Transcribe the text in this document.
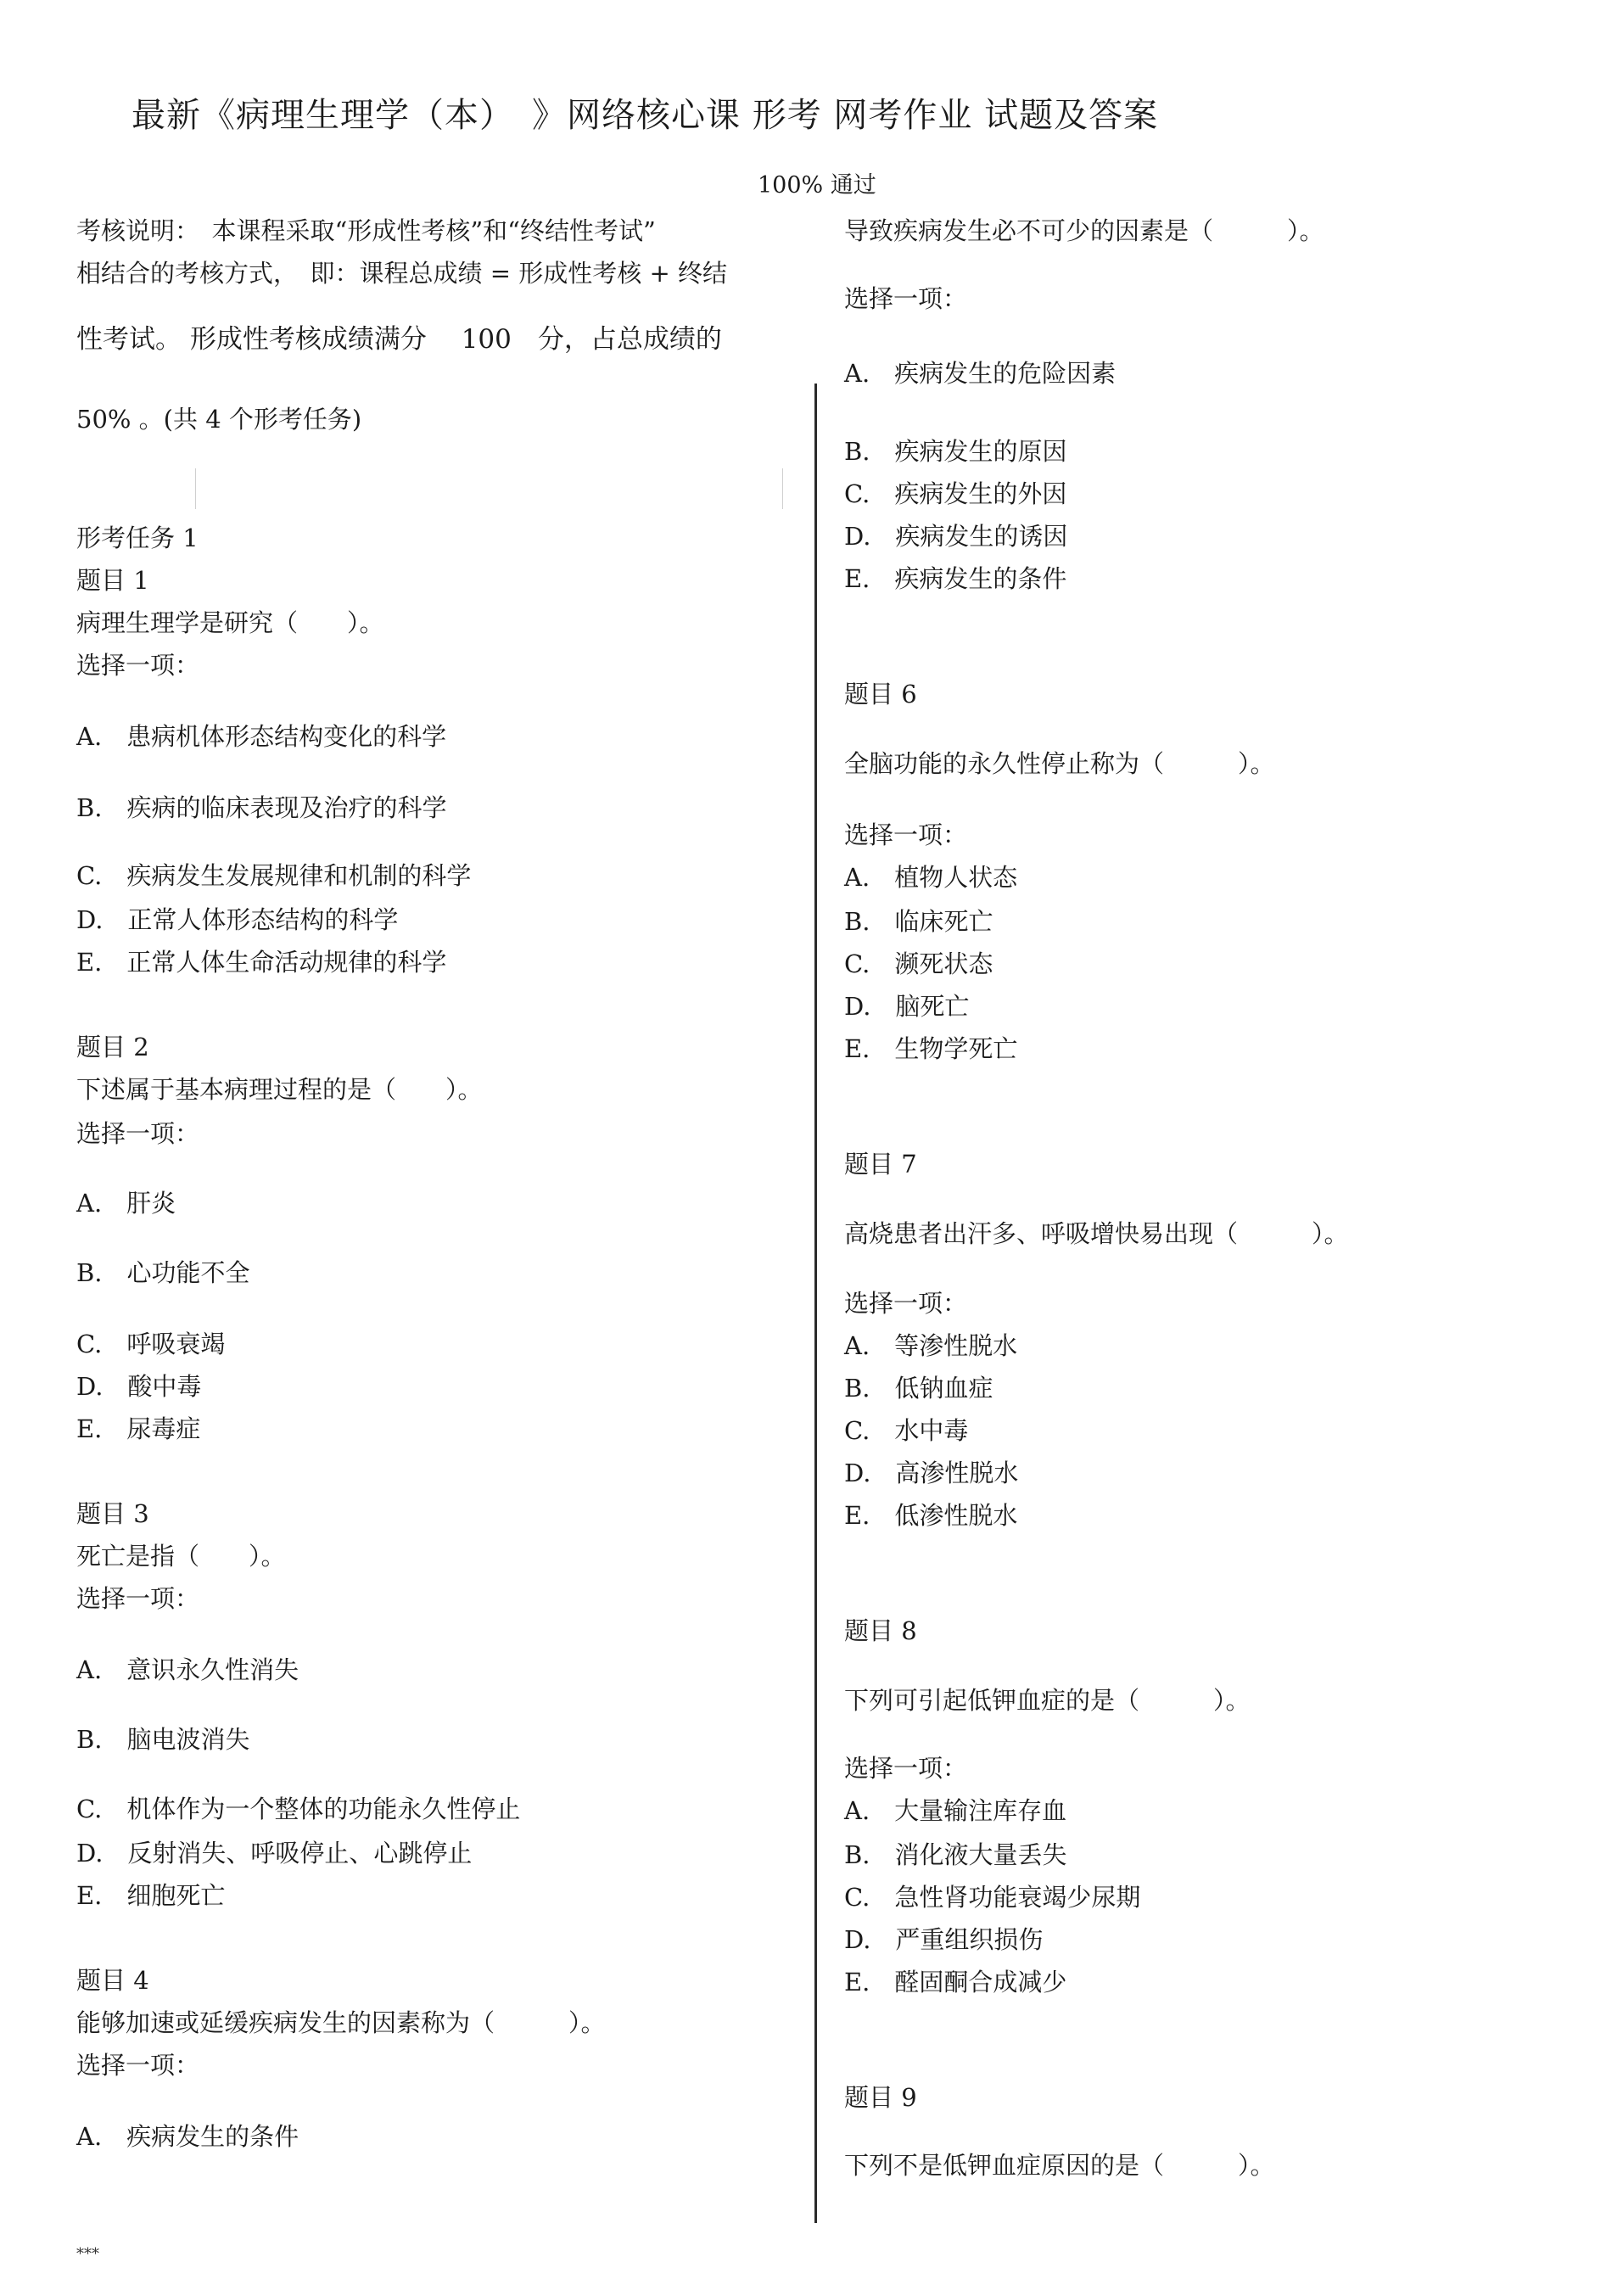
最新《病理生理学（本）　》网络核心课 形考 网考作业 试题及答案
100% 通过
考核说明：　本课程采取“形成性考核”和“终结性考试”
相结合的考核方式，　即：课程总成绩 = 形成性考核 + 终结
性考试。 形成性考核成绩满分　 100　分，占总成绩的
50% 。(共 4 个形考任务)
形考任务 1
题目 1
病理生理学是研究（　　）。
选择一项：
A.　患病机体形态结构变化的科学
B.　疾病的临床表现及治疗的科学
C.　疾病发生发展规律和机制的科学
D.　正常人体形态结构的科学
E.　正常人体生命活动规律的科学
题目 2
下述属于基本病理过程的是（　　）。
选择一项：
A.　肝炎
B.　心功能不全
C.　呼吸衰竭
D.　酸中毒
E.　尿毒症
题目 3
死亡是指（　　）。
选择一项：
A.　意识永久性消失
B.　脑电波消失
C.　机体作为一个整体的功能永久性停止
D.　反射消失、呼吸停止、心跳停止
E.　细胞死亡
题目 4
能够加速或延缓疾病发生的因素称为（　　　）。
选择一项：
A.　疾病发生的条件
导致疾病发生必不可少的因素是（　　　）。
选择一项：
A.　疾病发生的危险因素
B.　疾病发生的原因
C.　疾病发生的外因
D.　疾病发生的诱因
E.　疾病发生的条件
题目 6
全脑功能的永久性停止称为（　　　）。
选择一项：
A.　植物人状态
B.　临床死亡
C.　濒死状态
D.　脑死亡
E.　生物学死亡
题目 7
高烧患者出汗多、呼吸增快易出现（　　　）。
选择一项：
A.　等渗性脱水
B.　低钠血症
C.　水中毒
D.　高渗性脱水
E.　低渗性脱水
题目 8
下列可引起低钾血症的是（　　　）。
选择一项：
A.　大量输注库存血
B.　消化液大量丢失
C.　急性肾功能衰竭少尿期
D.　严重组织损伤
E.　醛固酮合成减少
题目 9
下列不是低钾血症原因的是（　　　）。
***
